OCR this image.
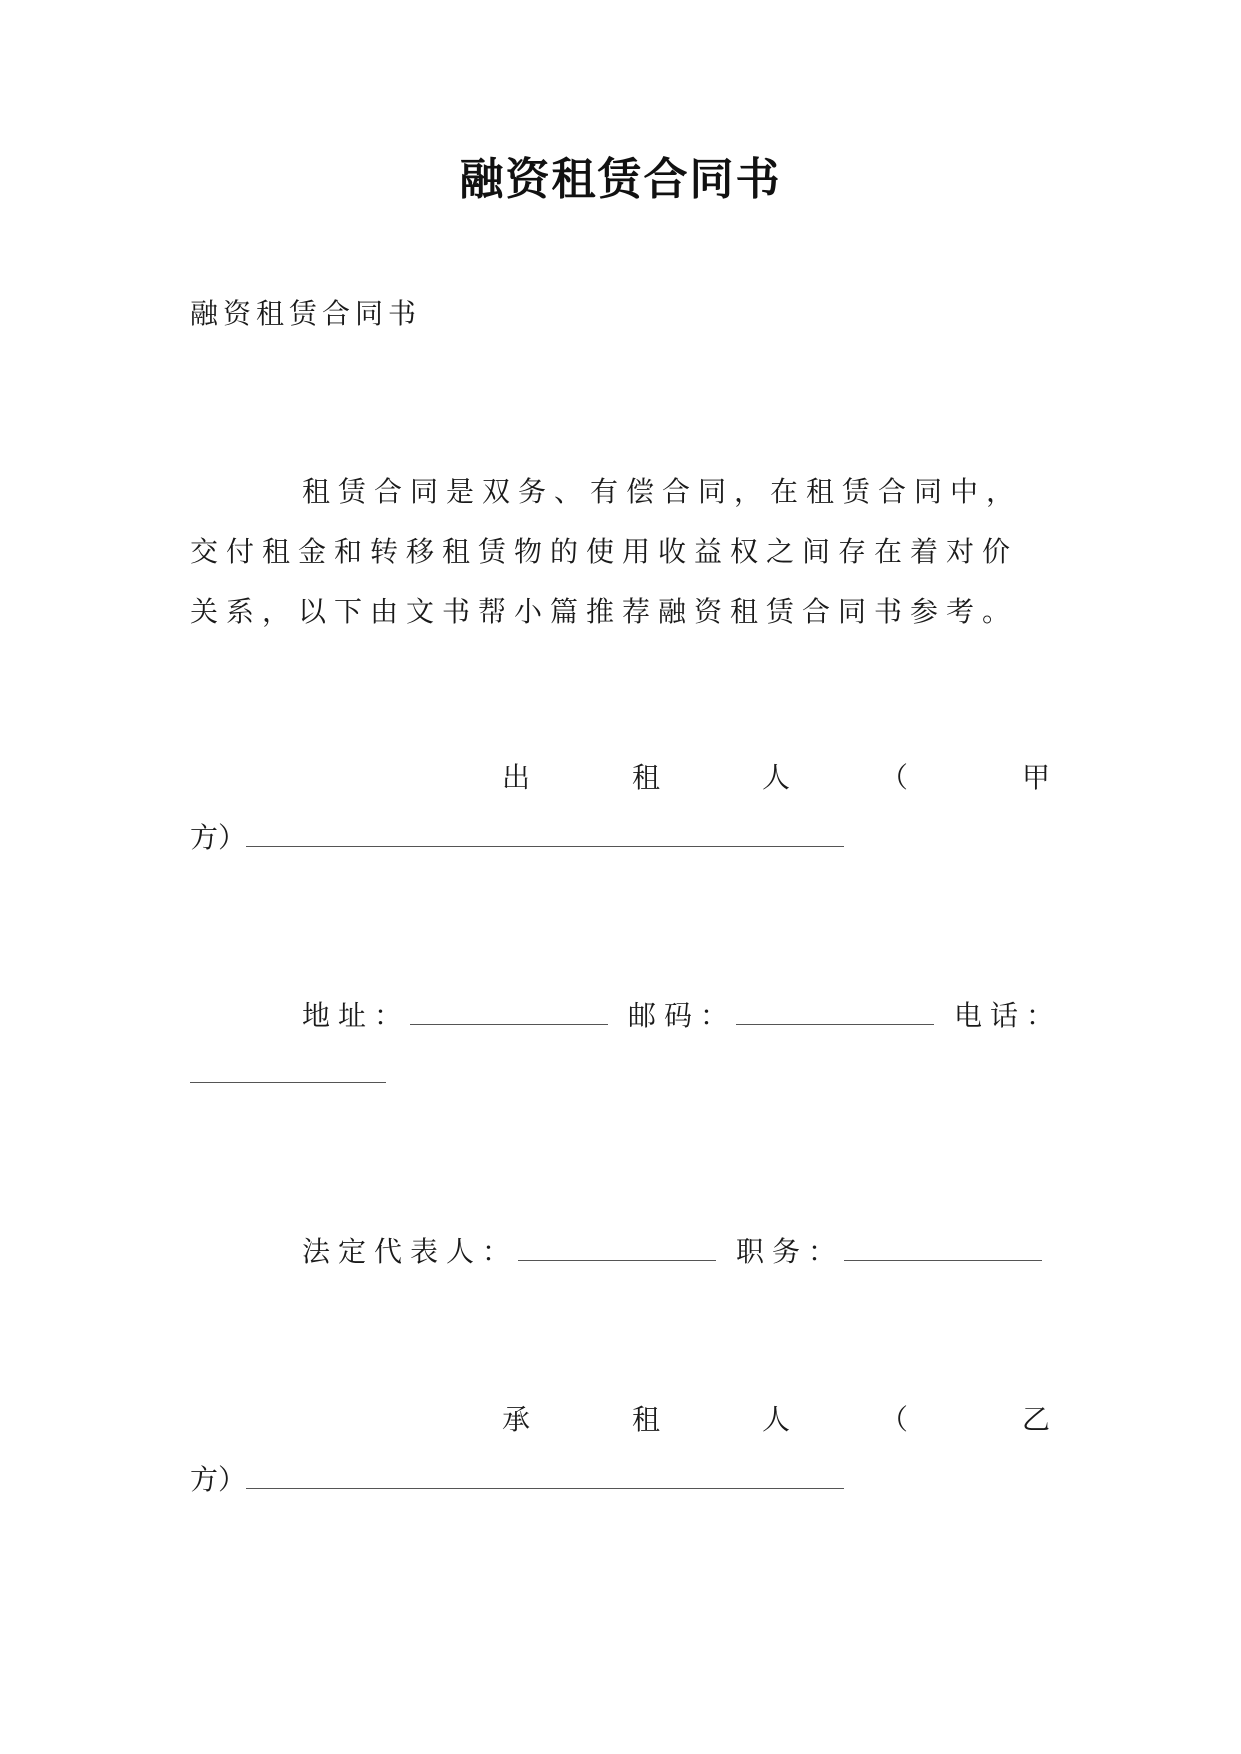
融资租赁合同书
融资租赁合同书
租赁合同是双务、有偿合同，在租赁合同中，交付租金和转移租赁物的使用收益权之间存在着对价关系，以下由文书帮小篇推荐融资租赁合同书参考。
出	租	人	（	甲
方）
地址：	邮码：	电话：
法定代表人：	职务：
承	租	人	（	乙
方）
